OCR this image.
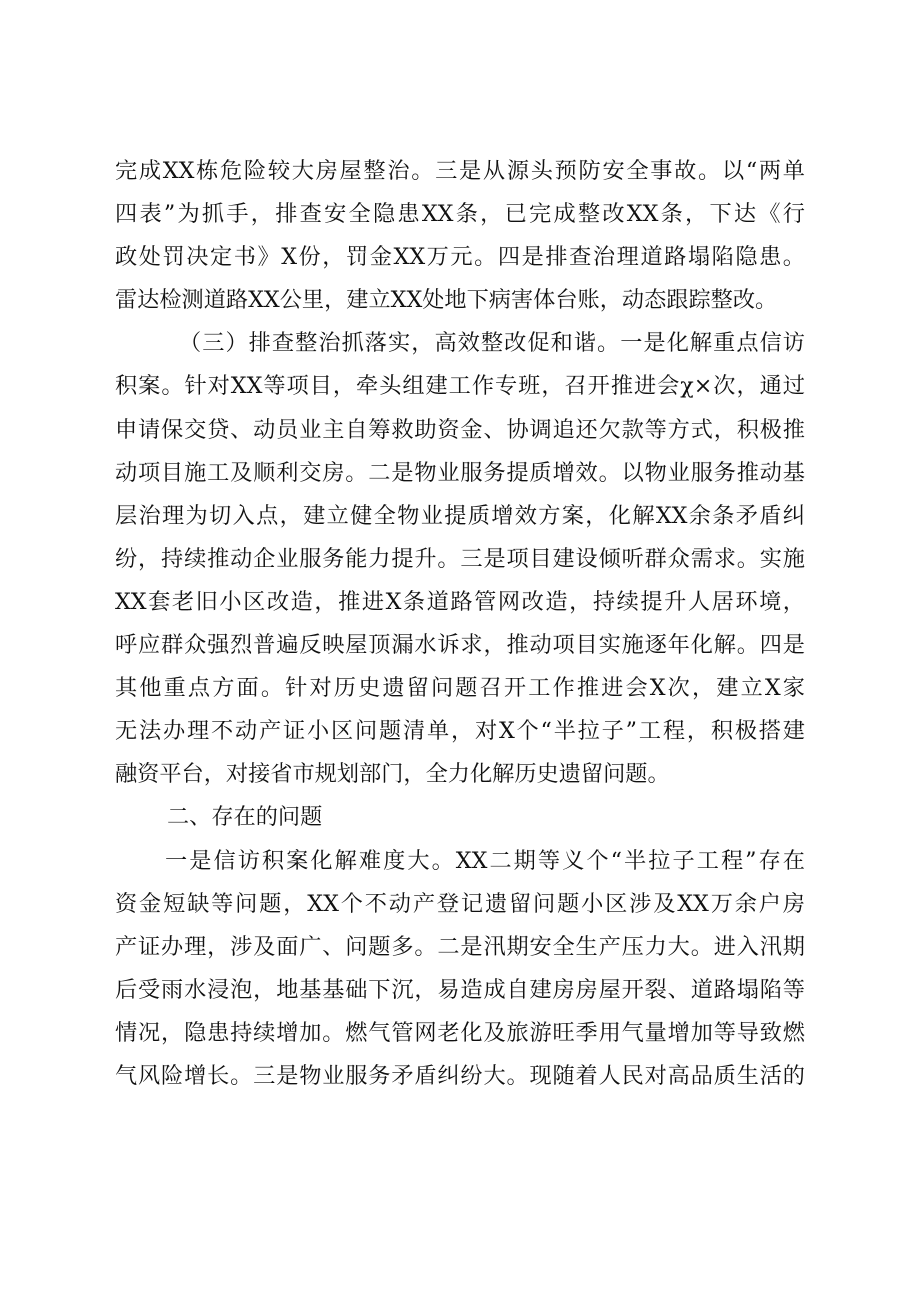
完成XX栋危险较大房屋整治。三是从源头预防安全事故。以“两单
四表”为抓手，排查安全隐患XX条，已完成整改XX条，下达《行
政处罚决定书》X份，罚金XX万元。四是排查治理道路塌陷隐患。
雷达检测道路XX公里，建立XX处地下病害体台账，动态跟踪整改。
（三）排查整治抓落实，高效整改促和谐。一是化解重点信访
积案。针对XX等项目，牵头组建工作专班，召开推进会χ×次，通过
申请保交贷、动员业主自筹救助资金、协调追还欠款等方式，积极推
动项目施工及顺利交房。二是物业服务提质增效。以物业服务推动基
层治理为切入点，建立健全物业提质增效方案，化解XX余条矛盾纠
纷，持续推动企业服务能力提升。三是项目建设倾听群众需求。实施
XX套老旧小区改造，推进X条道路管网改造，持续提升人居环境，
呼应群众强烈普遍反映屋顶漏水诉求，推动项目实施逐年化解。四是
其他重点方面。针对历史遗留问题召开工作推进会X次，建立X家
无法办理不动产证小区问题清单，对X个“半拉子”工程，积极搭建
融资平台，对接省市规划部门，全力化解历史遗留问题。
二、存在的问题
一是信访积案化解难度大。XX二期等义个“半拉子工程”存在
资金短缺等问题，XX个不动产登记遗留问题小区涉及XX万余户房
产证办理，涉及面广、问题多。二是汛期安全生产压力大。进入汛期
后受雨水浸泡，地基基础下沉，易造成自建房房屋开裂、道路塌陷等
情况，隐患持续增加。燃气管网老化及旅游旺季用气量增加等导致燃
气风险增长。三是物业服务矛盾纠纷大。现随着人民对高品质生活的
